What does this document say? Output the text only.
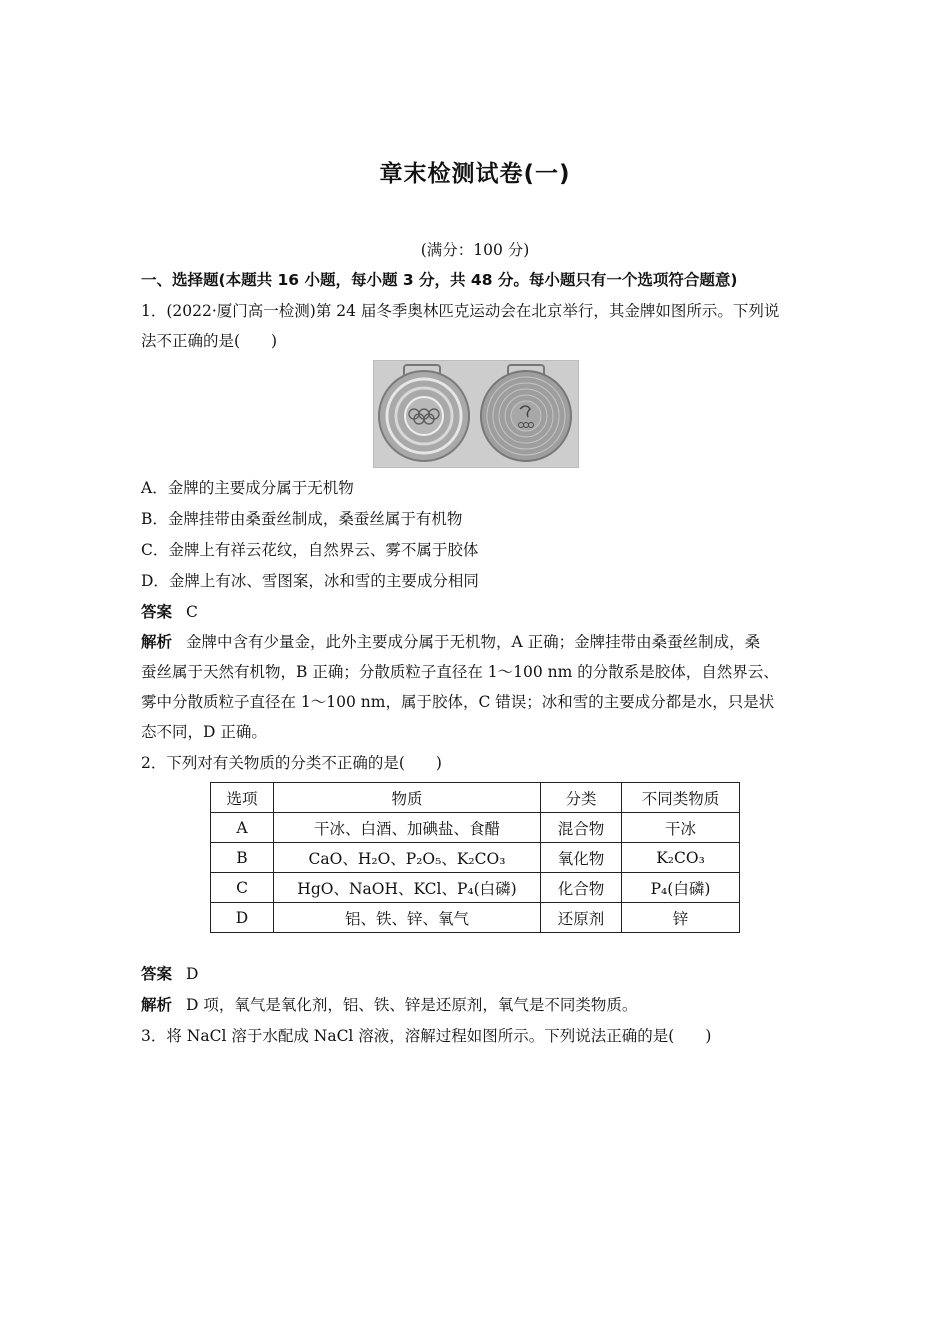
章末检测试卷(一)
(满分：100 分)
一、选择题(本题共 16 小题，每小题 3 分，共 48 分。每小题只有一个选项符合题意)
1．(2022·厦门高一检测)第 24 届冬季奥林匹克运动会在北京举行，其金牌如图所示。下列说
法不正确的是(　　)
A．金牌的主要成分属于无机物
B．金牌挂带由桑蚕丝制成，桑蚕丝属于有机物
C．金牌上有祥云花纹，自然界云、雾不属于胶体
D．金牌上有冰、雪图案，冰和雪的主要成分相同
答案 C
解析 金牌中含有少量金，此外主要成分属于无机物，A 正确；金牌挂带由桑蚕丝制成，桑
蚕丝属于天然有机物，B 正确；分散质粒子直径在 1～100 nm 的分散系是胶体，自然界云、
雾中分散质粒子直径在 1～100 nm，属于胶体，C 错误；冰和雪的主要成分都是水，只是状
态不同，D 正确。
2．下列对有关物质的分类不正确的是(　　)
选项	物质	分类	不同类物质
A	干冰、白酒、加碘盐、食醋	混合物	干冰
B	CaO、H₂O、P₂O₅、K₂CO₃	氧化物	K₂CO₃
C	HgO、NaOH、KCl、P₄(白磷)	化合物	P₄(白磷)
D	铝、铁、锌、氧气	还原剂	锌
答案 D
解析 D 项，氧气是氧化剂，铝、铁、锌是还原剂，氧气是不同类物质。
3．将 NaCl 溶于水配成 NaCl 溶液，溶解过程如图所示。下列说法正确的是(　　)
